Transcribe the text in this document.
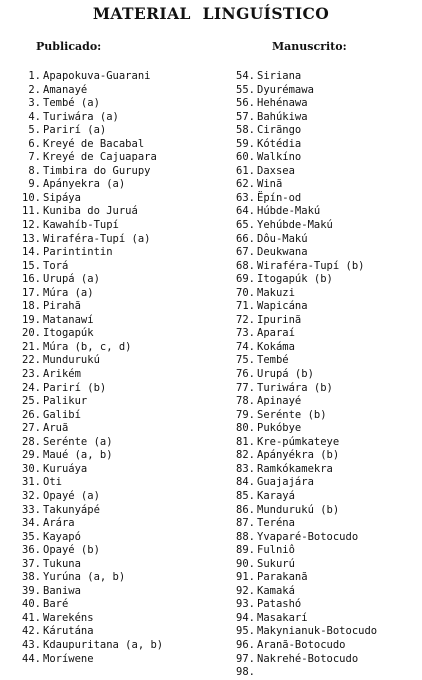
MATERIAL LINGUÍSTICO
Publicado:	Manuscrito:
1. Apapokuva-Guarani
2. Amanayé
3. Tembé (a)
4. Turiwára (a)
5. Parirí (a)
6. Kreyé de Bacabal
7. Kreyé de Cajuapara
8. Timbira do Gurupy
9. Apányekra (a)
10. Sipáya
11. Kuniba do Juruá
12. Kawahíb-Tupí
13. Wiraféra-Tupí (a)
14. Parintintin
15. Torá
16. Urupá (a)
17. Múra (a)
18. Pirahã
19. Matanawí
20. Itogapúk
21. Múra (b, c, d)
22. Mundurukú
23. Arikém
24. Parirí (b)
25. Palikur
26. Galibí
27. Aruã
28. Serénte (a)
29. Maué (a, b)
30. Kuruáya
31. Oti
32. Opayé (a)
33. Takunyápé
34. Arára
35. Kayapó
36. Opayé (b)
37. Tukuna
38. Yurúna (a, b)
39. Baniwa
40. Baré
41. Warekéns
42. Kárutána
43. Kdaupuritana (a, b)
44. Moríwene
54. Siriana
55. Dyurémawa
56. Hehénawa
57. Bahúkiwa
58. Cirãngo
59. Kótédia
60. Walkíno
61. Daxsea
62. Winã
63. Ëpín-od
64. Húbde-Makú
65. Yehúbde-Makú
66. Dôu-Makú
67. Deukwana
68. Wiraféra-Tupí (b)
69. Itogapúk (b)
70. Makuzi
71. Wapicána
72. Ipurinã
73. Aparaí
74. Kokáma
75. Tembé
76. Urupá (b)
77. Turiwára (b)
78. Apinayé
79. Serénte (b)
80. Pukóbye
81. Kre-púmkateye
82. Apányékra (b)
83. Ramkókamekra
84. Guajajára
85. Karayá
86. Mundurukú (b)
87. Teréna
88. Yvaparé-Botocudo
89. Fulniô
90. Sukurú
91. Parakanã
92. Kamaká
93. Patashó
94. Masakarí
95. Makynianuk-Botocudo
96. Aranã-Botocudo
97. Nakrehé-Botocudo
98.
